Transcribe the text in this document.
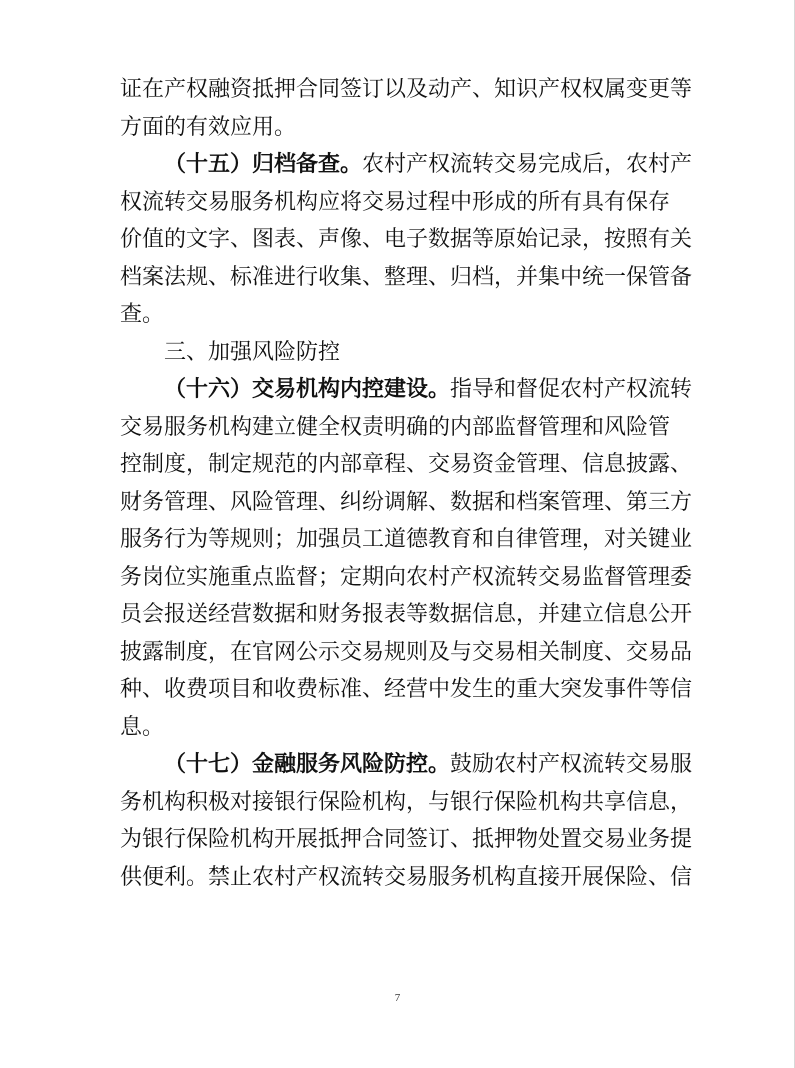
证在产权融资抵押合同签订以及动产、知识产权权属变更等
方面的有效应用。
（十五）归档备查。农村产权流转交易完成后，农村产
权流转交易服务机构应将交易过程中形成的所有具有保存
价值的文字、图表、声像、电子数据等原始记录，按照有关
档案法规、标准进行收集、整理、归档，并集中统一保管备
查。
三、加强风险防控
（十六）交易机构内控建设。指导和督促农村产权流转
交易服务机构建立健全权责明确的内部监督管理和风险管
控制度，制定规范的内部章程、交易资金管理、信息披露、
财务管理、风险管理、纠纷调解、数据和档案管理、第三方
服务行为等规则；加强员工道德教育和自律管理，对关键业
务岗位实施重点监督；定期向农村产权流转交易监督管理委
员会报送经营数据和财务报表等数据信息，并建立信息公开
披露制度，在官网公示交易规则及与交易相关制度、交易品
种、收费项目和收费标准、经营中发生的重大突发事件等信
息。
（十七）金融服务风险防控。鼓励农村产权流转交易服
务机构积极对接银行保险机构，与银行保险机构共享信息，
为银行保险机构开展抵押合同签订、抵押物处置交易业务提
供便利。禁止农村产权流转交易服务机构直接开展保险、信
7
